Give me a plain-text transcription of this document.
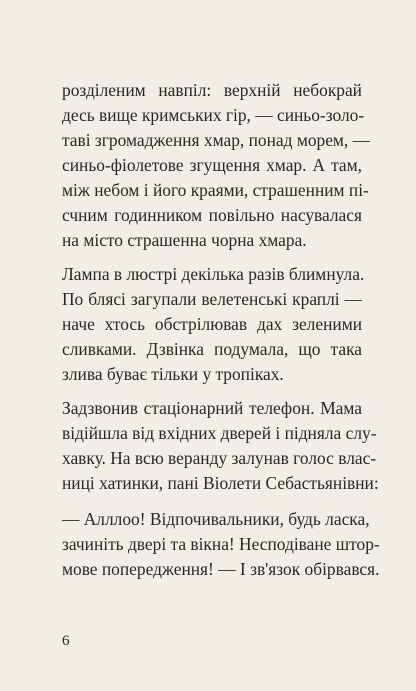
розділеним навпіл: верхній небокрай
десь вище кримських гір, — синьо-золо-
таві згромадження хмар, понад морем, —
синьо-фіолетове згущення хмар. А там,
між небом і його краями, страшенним пі-
счним годинником повільно насувалася
на місто страшенна чорна хмара.
Лампа в люстрі декілька разів блимнула.
По блясі загупали велетенські краплі —
наче хтось обстрілював дах зеленими
сливками. Дзвінка подумала, що така
злива буває тільки у тропіках.
Задзвонив стаціонарний телефон. Мама
відійшла від вхідних дверей і підняла слу-
хавку. На всю веранду залунав голос влас-
ниці хатинки, пані Віолети Себастьянівни:
— Алллоо! Відпочивальники, будь ласка,
зачиніть двері та вікна! Несподіване штор-
мове попередження! — І зв'язок обірвався.
6
